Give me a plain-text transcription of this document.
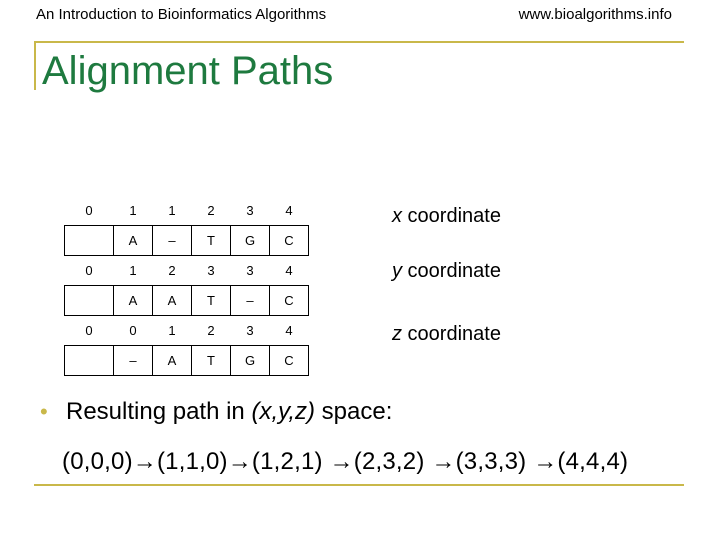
An Introduction to Bioinformatics Algorithms	www.bioalgorithms.info
Alignment Paths
0	1	1	2	3	4
	A	–	T	G	C
0	1	2	3	3	4
	A	A	T	–	C
0	0	1	2	3	4
	–	A	T	G	C
x coordinate
y coordinate
z coordinate
• Resulting path in (x,y,z) space:
(0,0,0)→(1,1,0)→(1,2,1) →(2,3,2) →(3,3,3) →(4,4,4)
